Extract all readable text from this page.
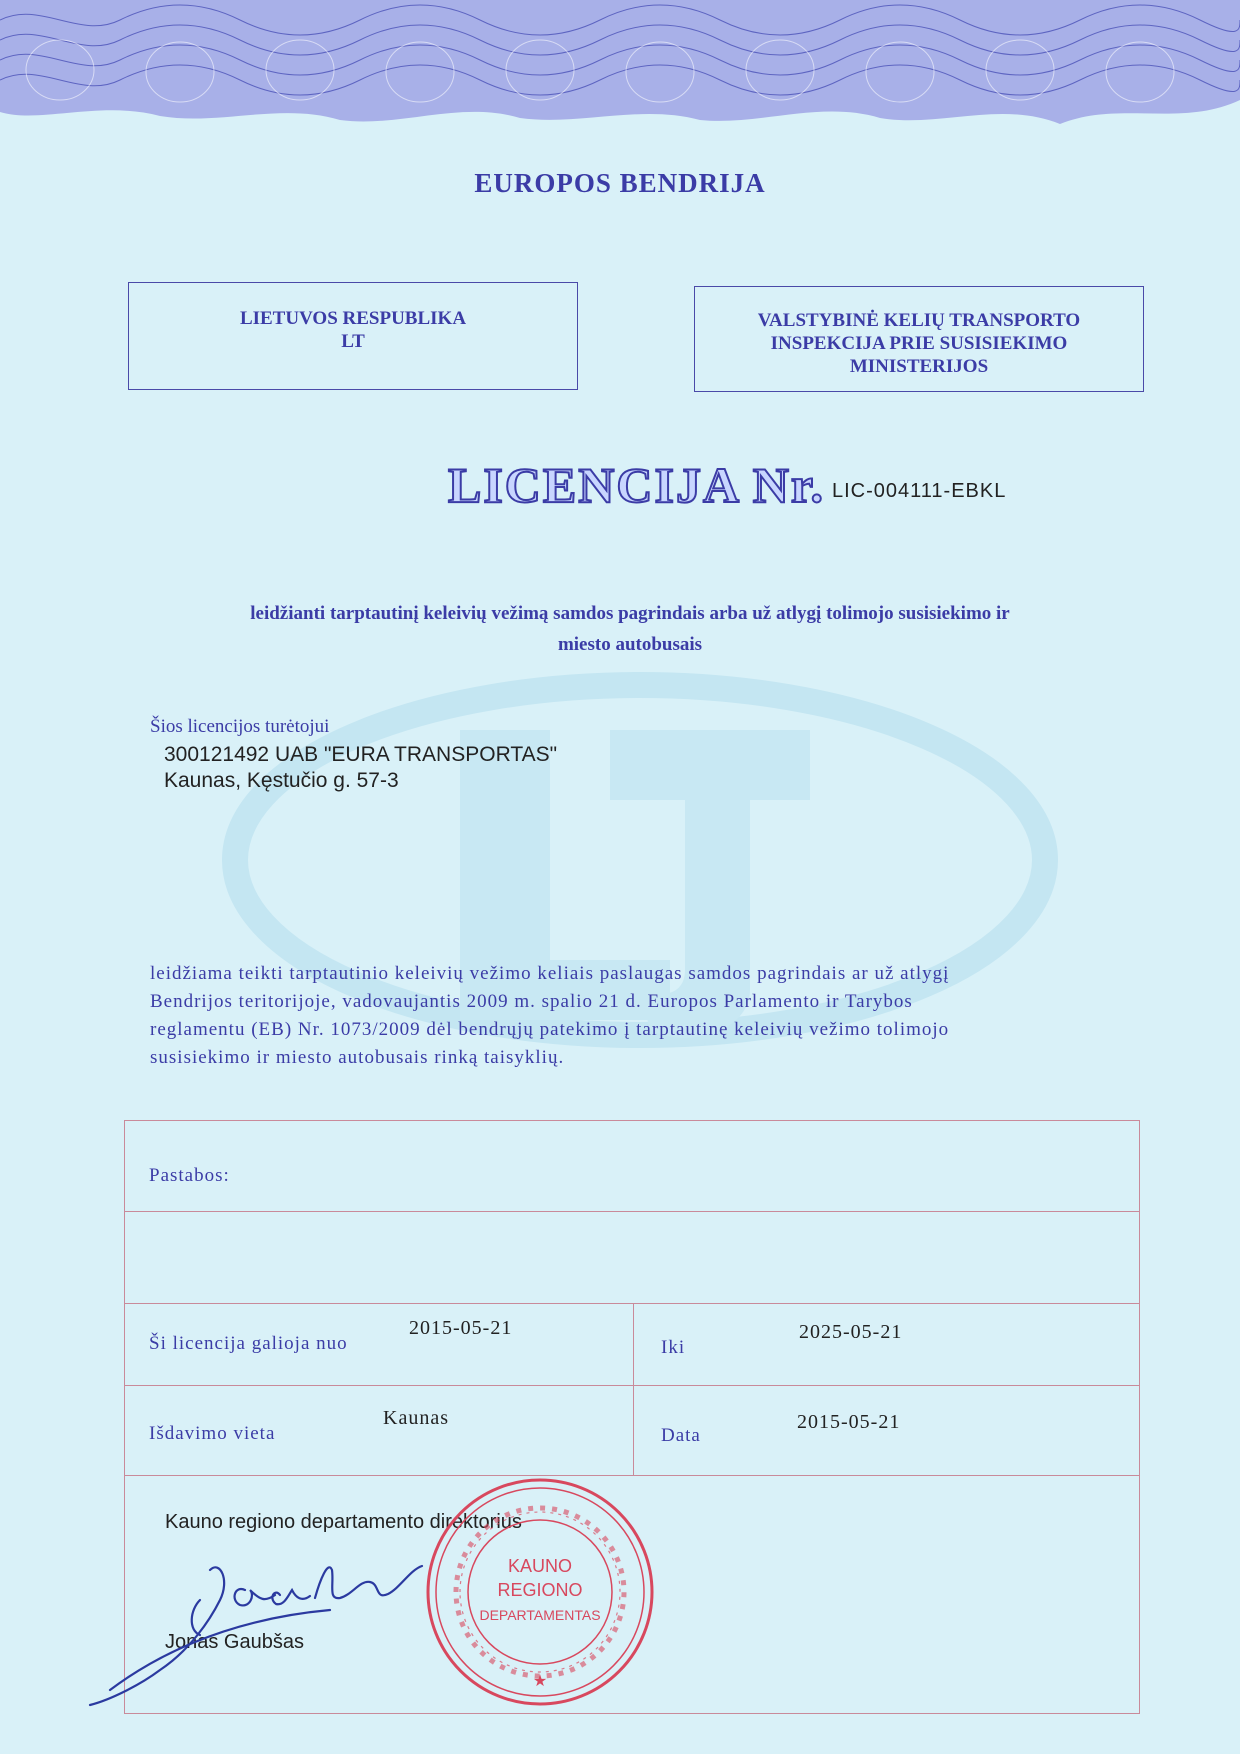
EUROPOS BENDRIJA
LIETUVOS RESPUBLIKA
LT
VALSTYBINĖ KELIŲ TRANSPORTO
INSPEKCIJA PRIE SUSISIEKIMO
MINISTERIJOS
LICENCIJA Nr. LIC-004111-EBKL
leidžianti tarptautinį keleivių vežimą samdos pagrindais arba už atlygį tolimojo susisiekimo ir
miesto autobusais
Šios licencijos turėtojui
300121492 UAB "EURA TRANSPORTAS"
Kaunas, Kęstučio g. 57-3
leidžiama teikti tarptautinio keleivių vežimo keliais paslaugas samdos pagrindais ar už atlygį
Bendrijos teritorijoje, vadovaujantis 2009 m. spalio 21 d. Europos Parlamento ir Tarybos
reglamentu (EB) Nr. 1073/2009 dėl bendrųjų patekimo į tarptautinę keleivių vežimo tolimojo
susisiekimo ir miesto autobusais rinką taisyklių.
Pastabos:
Ši licencija galioja nuo
2015-05-21
Iki
2025-05-21
Išdavimo vieta
Kaunas
Data
2015-05-21
Kauno regiono departamento direktorius
Jonas Gaubšas
KAUNO
REGIONO
DEPARTAMENTAS
★
